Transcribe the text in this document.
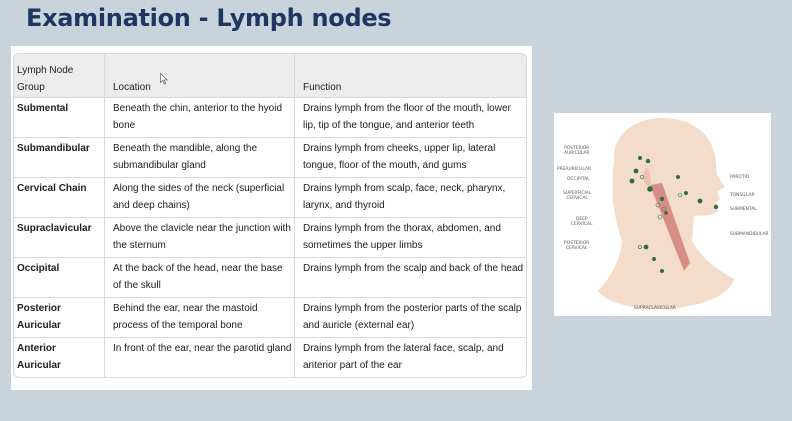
Examination - Lymph nodes
Lymph Node Group	Location	Function
Submental	Beneath the chin, anterior to the hyoid bone	Drains lymph from the floor of the mouth, lower lip, tip of the tongue, and anterior teeth
Submandibular	Beneath the mandible, along the submandibular gland	Drains lymph from cheeks, upper lip, lateral tongue, floor of the mouth, and gums
Cervical Chain	Along the sides of the neck (superficial and deep chains)	Drains lymph from scalp, face, neck, pharynx, larynx, and thyroid
Supraclavicular	Above the clavicle near the junction with the sternum	Drains lymph from the thorax, abdomen, and sometimes the upper limbs
Occipital	At the back of the head, near the base of the skull	Drains lymph from the scalp and back of the head
Posterior Auricular	Behind the ear, near the mastoid process of the temporal bone	Drains lymph from the posterior parts of the scalp and auricle (external ear)
Anterior Auricular	In front of the ear, near the parotid gland	Drains lymph from the lateral face, scalp, and anterior part of the ear
POSTERIOR
AURICULAR
PREAURICULAR
OCCIPITAL
SUPERFICIAL
CERVICAL
DEEP
CERVICAL
POSTERIOR
CERVICAL
PAROTID
TONSILLAR
SUBMENTAL
SUBMANDIBULAR
SUPRACLAVICULAR
